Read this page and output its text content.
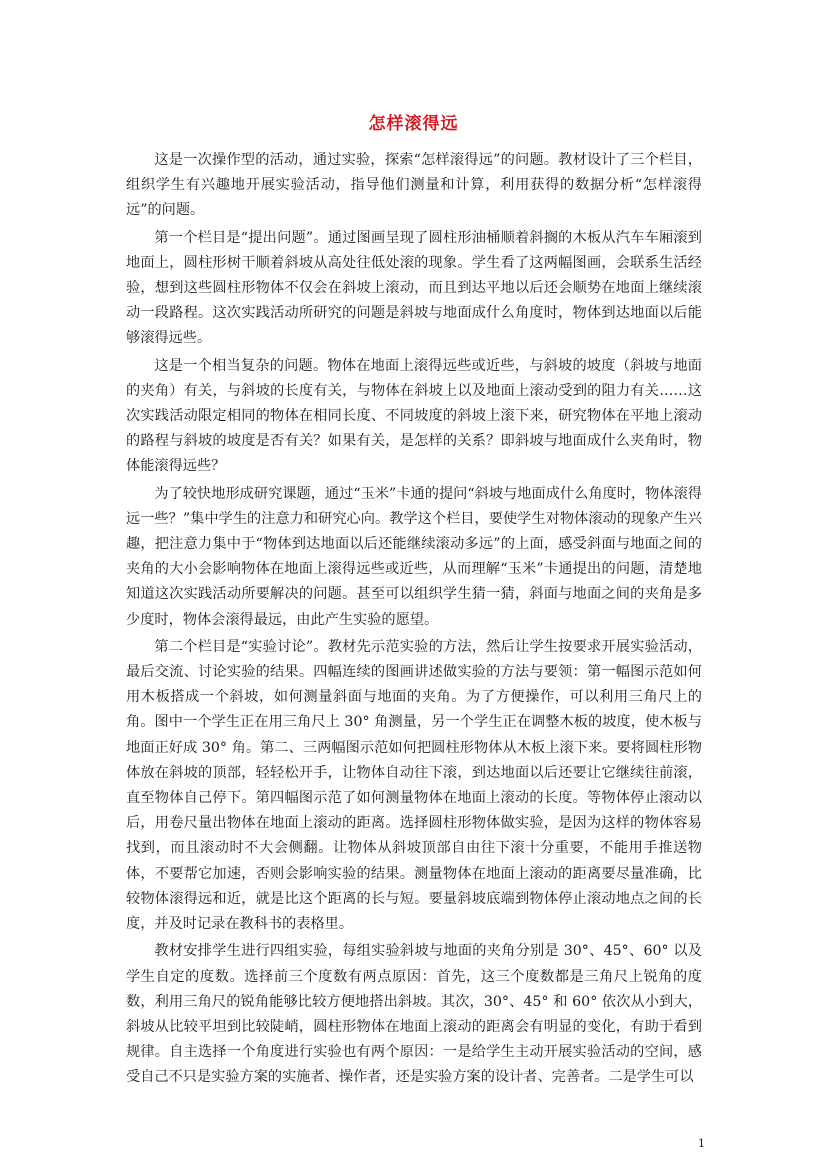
怎样滚得远

这是一次操作型的活动，通过实验，探索“怎样滚得远”的问题。教材设计了三个栏目，组织学生有兴趣地开展实验活动，指导他们测量和计算，利用获得的数据分析“怎样滚得远”的问题。

第一个栏目是“提出问题”。通过图画呈现了圆柱形油桶顺着斜搁的木板从汽车车厢滚到地面上，圆柱形树干顺着斜坡从高处往低处滚的现象。学生看了这两幅图画，会联系生活经验，想到这些圆柱形物体不仅会在斜坡上滚动，而且到达平地以后还会顺势在地面上继续滚动一段路程。这次实践活动所研究的问题是斜坡与地面成什么角度时，物体到达地面以后能够滚得远些。

这是一个相当复杂的问题。物体在地面上滚得远些或近些，与斜坡的坡度（斜坡与地面的夹角）有关，与斜坡的长度有关，与物体在斜坡上以及地面上滚动受到的阻力有关……这次实践活动限定相同的物体在相同长度、不同坡度的斜坡上滚下来，研究物体在平地上滚动的路程与斜坡的坡度是否有关？如果有关，是怎样的关系？即斜坡与地面成什么夹角时，物体能滚得远些？

为了较快地形成研究课题，通过“玉米”卡通的提问“斜坡与地面成什么角度时，物体滚得远一些？”集中学生的注意力和研究心向。教学这个栏目，要使学生对物体滚动的现象产生兴趣，把注意力集中于“物体到达地面以后还能继续滚动多远”的上面，感受斜面与地面之间的夹角的大小会影响物体在地面上滚得远些或近些，从而理解“玉米”卡通提出的问题，清楚地知道这次实践活动所要解决的问题。甚至可以组织学生猜一猜，斜面与地面之间的夹角是多少度时，物体会滚得最远，由此产生实验的愿望。

第二个栏目是“实验讨论”。教材先示范实验的方法，然后让学生按要求开展实验活动，最后交流、讨论实验的结果。四幅连续的图画讲述做实验的方法与要领：第一幅图示范如何用木板搭成一个斜坡，如何测量斜面与地面的夹角。为了方便操作，可以利用三角尺上的角。图中一个学生正在用三角尺上 30° 角测量，另一个学生正在调整木板的坡度，使木板与地面正好成 30° 角。第二、三两幅图示范如何把圆柱形物体从木板上滚下来。要将圆柱形物体放在斜坡的顶部，轻轻松开手，让物体自动往下滚，到达地面以后还要让它继续往前滚，直至物体自己停下。第四幅图示范了如何测量物体在地面上滚动的长度。等物体停止滚动以后，用卷尺量出物体在地面上滚动的距离。选择圆柱形物体做实验，是因为这样的物体容易找到，而且滚动时不大会侧翻。让物体从斜坡顶部自由往下滚十分重要，不能用手推送物体，不要帮它加速，否则会影响实验的结果。测量物体在地面上滚动的距离要尽量准确，比较物体滚得远和近，就是比这个距离的长与短。要量斜坡底端到物体停止滚动地点之间的长度，并及时记录在教科书的表格里。

教材安排学生进行四组实验，每组实验斜坡与地面的夹角分别是 30°、45°、60° 以及学生自定的度数。选择前三个度数有两点原因：首先，这三个度数都是三角尺上锐角的度数，利用三角尺的锐角能够比较方便地搭出斜坡。其次，30°、45° 和 60° 依次从小到大，斜坡从比较平坦到比较陡峭，圆柱形物体在地面上滚动的距离会有明显的变化，有助于看到规律。自主选择一个角度进行实验也有两个原因：一是给学生主动开展实验活动的空间，感受自己不只是实验方案的实施者、操作者，还是实验方案的设计者、完善者。二是学生可以

1
